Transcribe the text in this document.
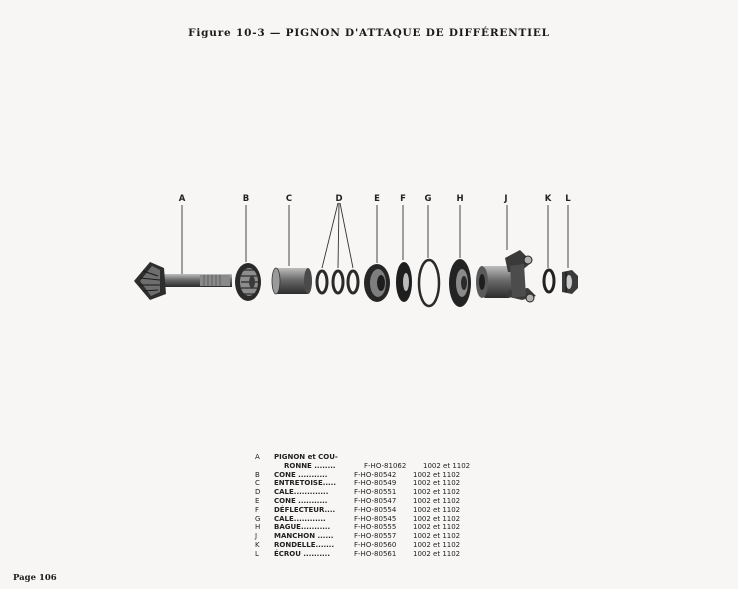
Figure 10-3 — PIGNON D'ATTAQUE DE DIFFÉRENTIEL
A	B	C	D	E F G	H	J	K L
A	PIGNON et COU-
RONNE ........	F-HO-81062	1002 et 1102
B	CONE ...........	F-HO-80542	1002 et 1102
C	ENTRETOISE.....	F-HO-80549	1002 et 1102
D	CALE.............	F-HO-80551	1002 et 1102
E	CONE ...........	F-HO-80547	1002 et 1102
F	DÉFLECTEUR....	F-HO-80554	1002 et 1102
G	CALE............	F-HO-80545	1002 et 1102
H	BAGUE...........	F-HO-80555	1002 et 1102
J	MANCHON ......	F-HO-80557	1002 et 1102
K	RONDELLE.......	F-HO-80560	1002 et 1102
L	ÉCROU ..........	F-HO-80561	1002 et 1102
Page 106
